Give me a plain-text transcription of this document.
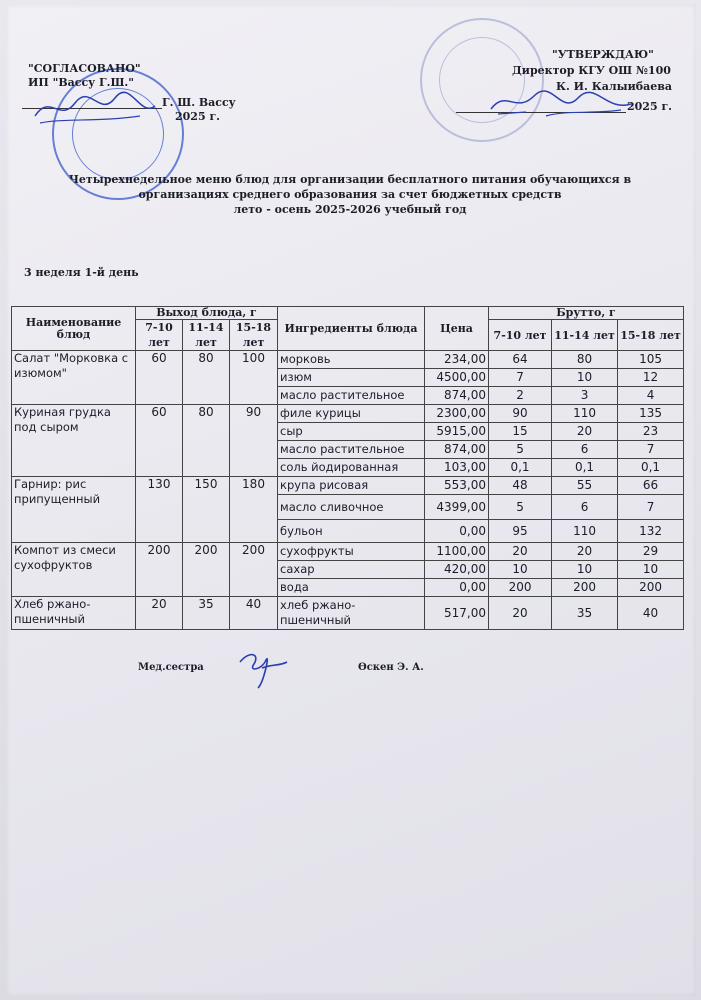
"СОГЛАСОВАНО"
ИП "Ваccу Г.Ш."
Г. Ш. Вассу
2025 г.
"УТВЕРЖДАЮ"
Директор КГУ ОШ №100
К. И. Калыибаева
2025 г.
Четырехнедельное меню блюд для организации бесплатного питания обучающихся в
организациях среднего образования за счет бюджетных средств
лето - осень 2025-2026 учебный год
3 неделя 1-й день
Наименование блюд	Выход блюда, г			Ингредиенты блюда	Цена	Брутто, г		
	7-10 лет	11-14 лет	15-18 лет			7-10 лет	11-14 лет	15-18 лет
Салат "Морковка с изюмом"	60	80	100	морковь	234,00	64	80	105
				изюм	4500,00	7	10	12
				масло растительное	874,00	2	3	4
Куриная грудка под сыром	60	80	90	филе курицы	2300,00	90	110	135
				сыр	5915,00	15	20	23
				масло растительное	874,00	5	6	7
				соль йодированная	103,00	0,1	0,1	0,1
Гарнир: рис припущенный	130	150	180	крупа рисовая	553,00	48	55	66
				масло сливочное	4399,00	5	6	7
				бульон	0,00	95	110	132
Компот из смеси сухофруктов	200	200	200	сухофрукты	1100,00	20	20	29
				сахар	420,00	10	10	10
				вода	0,00	200	200	200
Хлеб ржано-пшеничный	20	35	40	хлеб ржано-пшеничный	517,00	20	35	40
Мед.сестра	Өскен Э. А.
